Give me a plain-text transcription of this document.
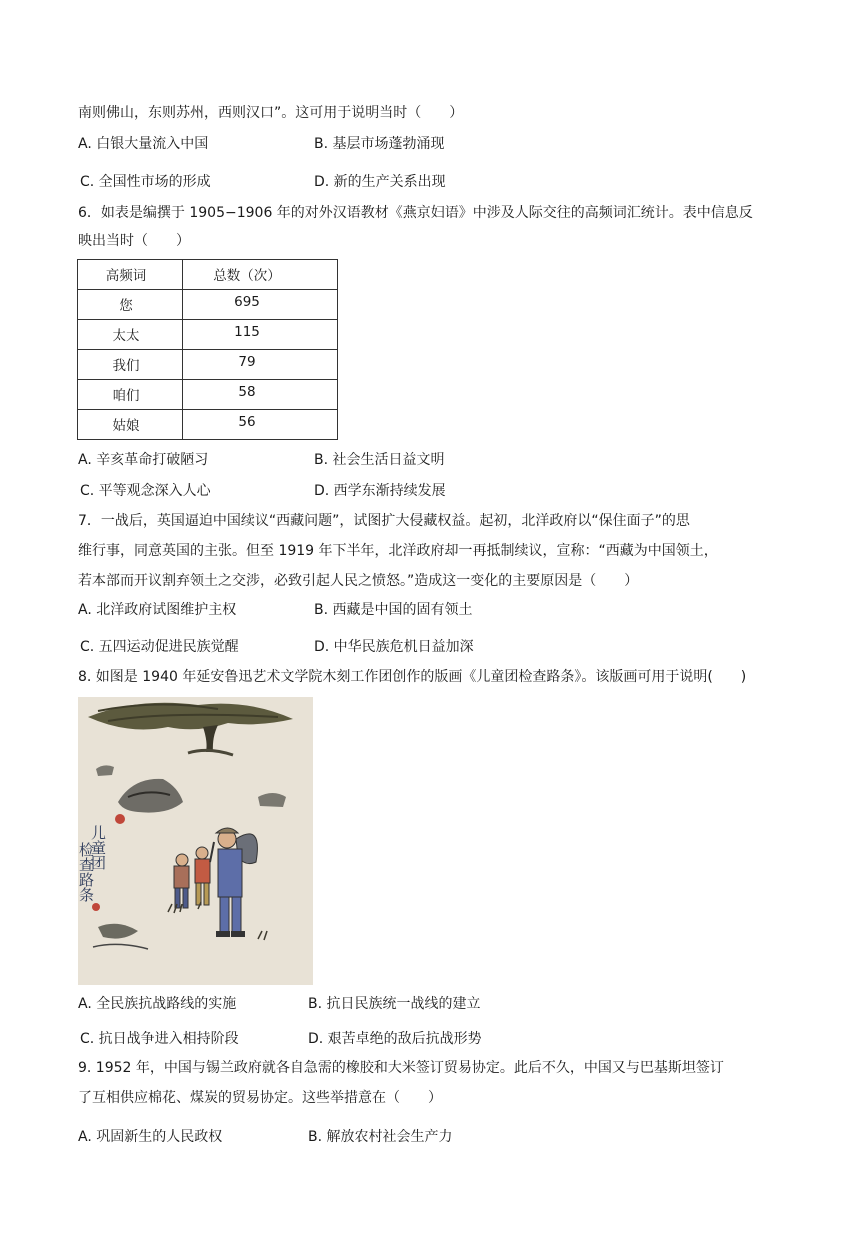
南则佛山，东则苏州，西则汉口”。这可用于说明当时（　　）
A. 白银大量流入中国	B. 基层市场蓬勃涌现
C. 全国性市场的形成	D. 新的生产关系出现
6．如表是编撰于 1905−1906 年的对外汉语教材《燕京妇语》中涉及人际交往的高频词汇统计。表中信息反
映出当时（　　）
高频词	总数（次）
您	695
太太	115
我们	79
咱们	58
姑娘	56
A. 辛亥革命打破陋习	B. 社会生活日益文明
C. 平等观念深入人心	D. 西学东渐持续发展
7．一战后，英国逼迫中国续议“西藏问题”，试图扩大侵藏权益。起初，北洋政府以“保住面子”的思
维行事，同意英国的主张。但至 1919 年下半年，北洋政府却一再抵制续议，宣称：“西藏为中国领土，
若本部而开议割弃领土之交涉，必致引起人民之愤怒。”造成这一变化的主要原因是（　　）
A. 北洋政府试图维护主权	B. 西藏是中国的固有领土
C. 五四运动促进民族觉醒	D. 中华民族危机日益加深
8. 如图是 1940 年延安鲁迅艺术文学院木刻工作团创作的版画《儿童团检查路条》。该版画可用于说明(　　)
儿童团
检查路条
A. 全民族抗战路线的实施	B. 抗日民族统一战线的建立
C. 抗日战争进入相持阶段	D. 艰苦卓绝的敌后抗战形势
9. 1952 年，中国与锡兰政府就各自急需的橡胶和大米签订贸易协定。此后不久，中国又与巴基斯坦签订
了互相供应棉花、煤炭的贸易协定。这些举措意在（　　）
A. 巩固新生的人民政权	B. 解放农村社会生产力
